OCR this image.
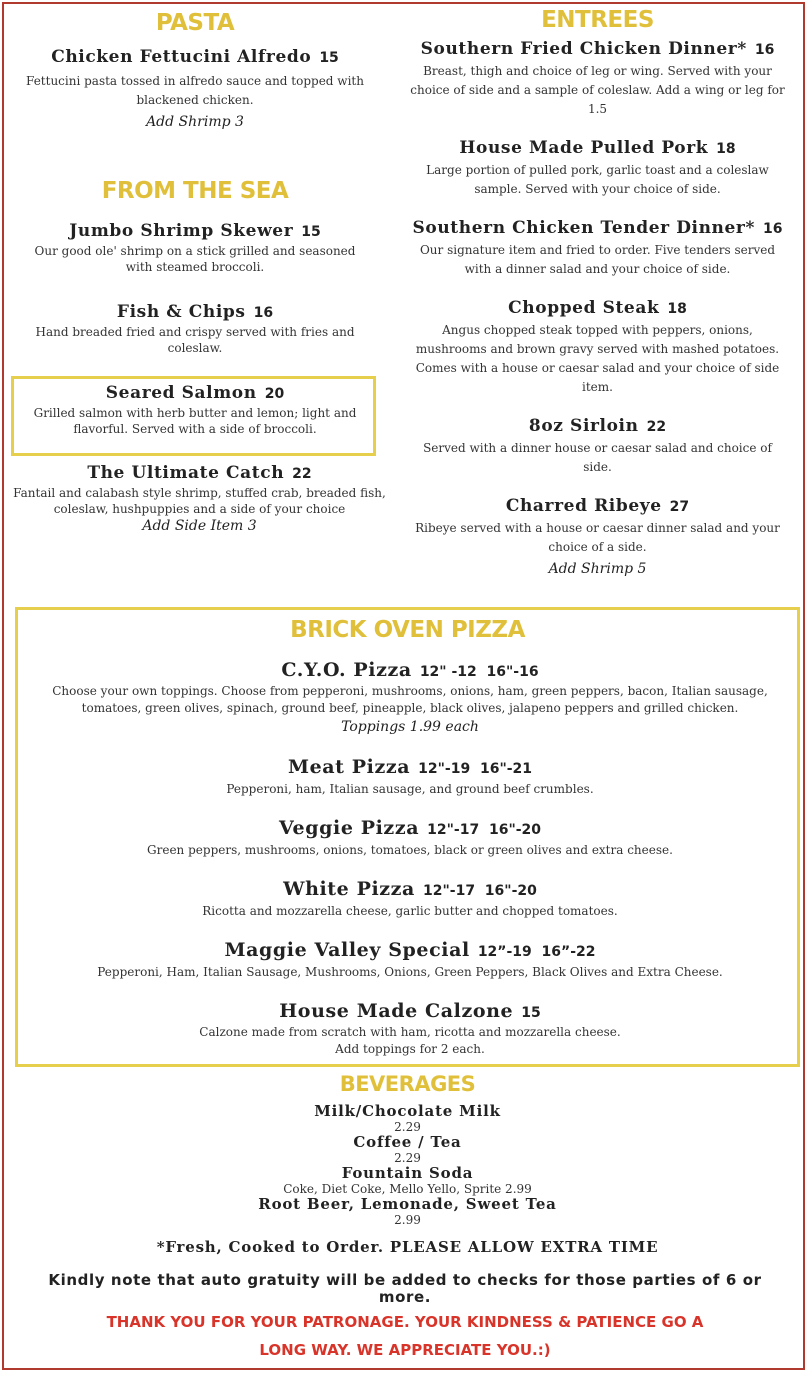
PASTA
Chicken Fettucini Alfredo 15
Fettucini pasta tossed in alfredo sauce and topped with blackened chicken.
Add Shrimp 3
FROM THE SEA
Jumbo Shrimp Skewer 15
Our good ole' shrimp on a stick grilled and seasoned with steamed broccoli.
Fish & Chips 16
Hand breaded fried and crispy served with fries and coleslaw.
Seared Salmon 20
Grilled salmon with herb butter and lemon; light and flavorful. Served with a side of broccoli.
The Ultimate Catch 22
Fantail and calabash style shrimp, stuffed crab, breaded fish, coleslaw, hushpuppies and a side of your choice
Add Side Item 3
ENTREES
Southern Fried Chicken Dinner* 16
Breast, thigh and choice of leg or wing. Served with your choice of side and a sample of coleslaw. Add a wing or leg for 1.5
House Made Pulled Pork 18
Large portion of pulled pork, garlic toast and a coleslaw sample. Served with your choice of side.
Southern Chicken Tender Dinner* 16
Our signature item and fried to order. Five tenders served with a dinner salad and your choice of side.
Chopped Steak 18
Angus chopped steak topped with peppers, onions, mushrooms and brown gravy served with mashed potatoes. Comes with a house or caesar salad and your choice of side item.
8oz Sirloin 22
Served with a dinner house or caesar salad and choice of side.
Charred Ribeye 27
Ribeye served with a house or caesar dinner salad and your choice of a side.
Add Shrimp 5
BRICK OVEN PIZZA
C.Y.O. Pizza 12" -12  16"-16
Choose your own toppings. Choose from pepperoni, mushrooms, onions, ham, green peppers, bacon, Italian sausage, tomatoes, green olives, spinach, ground beef, pineapple, black olives, jalapeno peppers and grilled chicken.
Toppings 1.99 each
Meat Pizza 12"-19  16"-21
Pepperoni, ham, Italian sausage, and ground beef crumbles.
Veggie Pizza 12"-17  16"-20
Green peppers, mushrooms, onions, tomatoes, black or green olives and extra cheese.
White Pizza 12"-17  16"-20
Ricotta and mozzarella cheese, garlic butter and chopped tomatoes.
Maggie Valley Special 12”-19  16”-22
Pepperoni, Ham, Italian Sausage, Mushrooms, Onions, Green Peppers, Black Olives and Extra Cheese.
House Made Calzone 15
Calzone made from scratch with ham, ricotta and mozzarella cheese.
Add toppings for 2 each.
BEVERAGES
Milk/Chocolate Milk
2.29
Coffee / Tea
2.29
Fountain Soda
Coke, Diet Coke, Mello Yello, Sprite 2.99
Root Beer, Lemonade, Sweet Tea
2.99
*Fresh, Cooked to Order. PLEASE ALLOW EXTRA TIME
Kindly note that auto gratuity will be added to checks for those parties of 6 or more.
THANK YOU FOR YOUR PATRONAGE. YOUR KINDNESS & PATIENCE GO A LONG WAY. WE APPRECIATE YOU.:)
